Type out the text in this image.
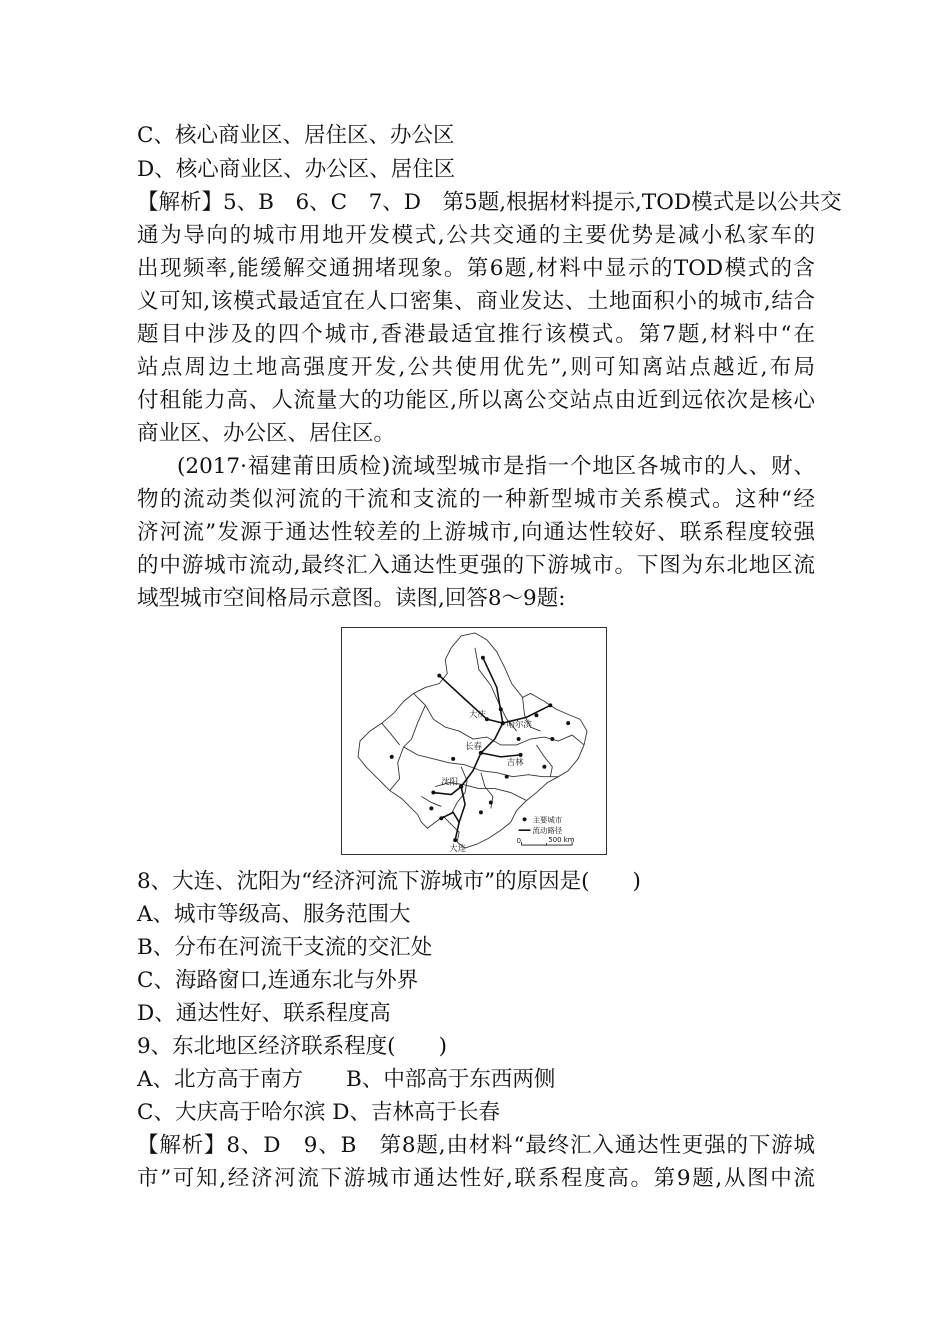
C、核心商业区、居住区、办公区
D、核心商业区、办公区、居住区
【解析】5、B　6、C　7、D　第5题,根据材料提示,TOD模式是以公共交
通为导向的城市用地开发模式,公共交通的主要优势是减小私家车的
出现频率,能缓解交通拥堵现象。第6题,材料中显示的TOD模式的含
义可知,该模式最适宜在人口密集、商业发达、土地面积小的城市,结合
题目中涉及的四个城市,香港最适宜推行该模式。第7题,材料中“在
站点周边土地高强度开发,公共使用优先”,则可知离站点越近,布局
付租能力高、人流量大的功能区,所以离公交站点由近到远依次是核心
商业区、办公区、居住区。
(2017·福建莆田质检)流域型城市是指一个地区各城市的人、财、
物的流动类似河流的干流和支流的一种新型城市关系模式。这种“经
济河流”发源于通达性较差的上游城市,向通达性较好、联系程度较强
的中游城市流动,最终汇入通达性更强的下游城市。下图为东北地区流
域型城市空间格局示意图。读图,回答8～9题:
大庆
哈尔滨
长春
吉林
沈阳
大连
主要城市
流动路径
0	500 km
8、大连、沈阳为“经济河流下游城市”的原因是(　　)
A、城市等级高、服务范围大
B、分布在河流干支流的交汇处
C、海路窗口,连通东北与外界
D、通达性好、联系程度高
9、东北地区经济联系程度(　　)
A、北方高于南方　　B、中部高于东西两侧
C、大庆高于哈尔滨 D、吉林高于长春
【解析】8、D　9、B　第8题,由材料“最终汇入通达性更强的下游城
市”可知,经济河流下游城市通达性好,联系程度高。第9题,从图中流
